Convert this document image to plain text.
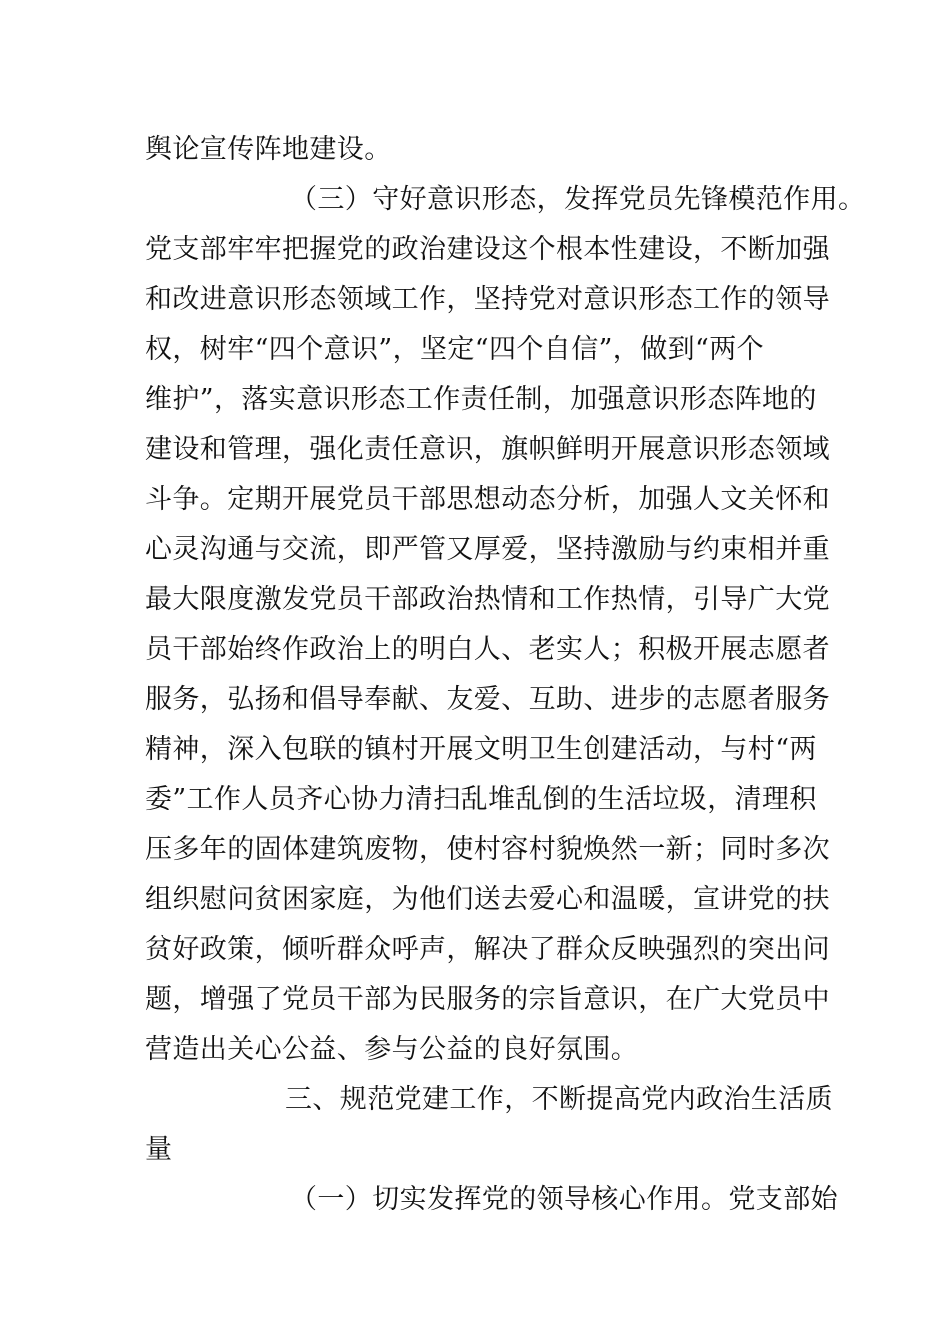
舆论宣传阵地建设。
（三）守好意识形态，发挥党员先锋模范作用。
党支部牢牢把握党的政治建设这个根本性建设，不断加强
和改进意识形态领域工作，坚持党对意识形态工作的领导
权，树牢“四个意识”，坚定“四个自信”，做到“两个
维护”，落实意识形态工作责任制，加强意识形态阵地的
建设和管理，强化责任意识，旗帜鲜明开展意识形态领域
斗争。定期开展党员干部思想动态分析，加强人文关怀和
心灵沟通与交流，即严管又厚爱，坚持激励与约束相并重
最大限度激发党员干部政治热情和工作热情，引导广大党
员干部始终作政治上的明白人、老实人；积极开展志愿者
服务，弘扬和倡导奉献、友爱、互助、进步的志愿者服务
精神，深入包联的镇村开展文明卫生创建活动，与村“两
委”工作人员齐心协力清扫乱堆乱倒的生活垃圾，清理积
压多年的固体建筑废物，使村容村貌焕然一新；同时多次
组织慰问贫困家庭，为他们送去爱心和温暖，宣讲党的扶
贫好政策，倾听群众呼声，解决了群众反映强烈的突出问
题，增强了党员干部为民服务的宗旨意识，在广大党员中
营造出关心公益、参与公益的良好氛围。
三、规范党建工作，不断提高党内政治生活质
量
（一）切实发挥党的领导核心作用。党支部始
